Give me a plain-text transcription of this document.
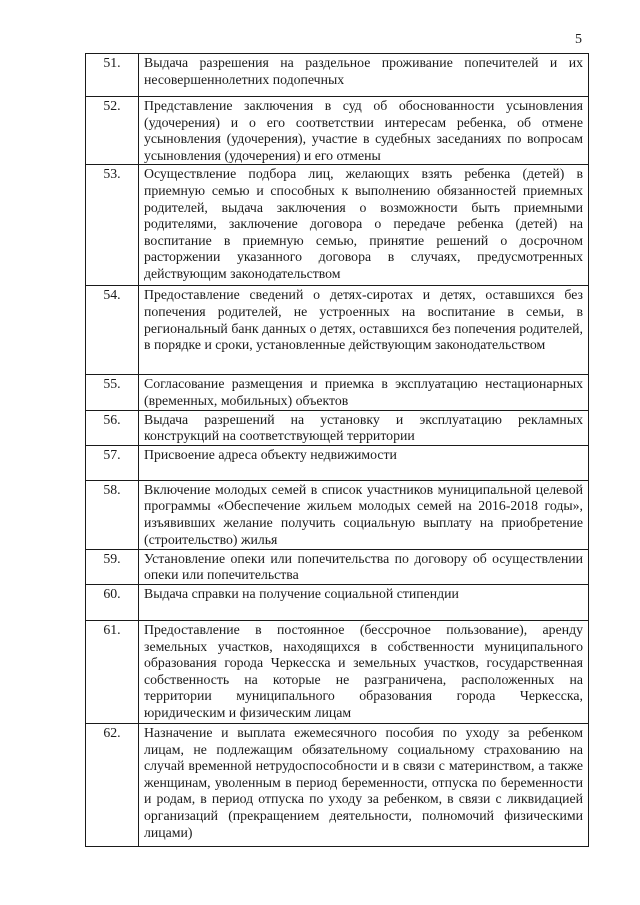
5
51.	Выдача разрешения на раздельное проживание попечителей и их несовершеннолетних подопечных
52.	Представление заключения в суд об обоснованности усыновления (удочерения) и о его соответствии интересам ребенка, об отмене усыновления (удочерения), участие в судебных заседаниях по вопросам усыновления (удочерения) и его отмены
53.	Осуществление подбора лиц, желающих взять ребенка (детей) в приемную семью и способных к выполнению обязанностей приемных родителей, выдача заключения о возможности быть приемными родителями, заключение договора о передаче ребенка (детей) на воспитание в приемную семью, принятие решений о досрочном расторжении указанного договора в случаях, предусмотренных действующим законодательством
54.	Предоставление сведений о детях-сиротах и детях, оставшихся без попечения родителей, не устроенных на воспитание в семьи, в региональный банк данных о детях, оставшихся без попечения родителей, в порядке и сроки, установленные действующим законодательством
55.	Согласование размещения и приемка в эксплуатацию нестационарных (временных, мобильных) объектов
56.	Выдача разрешений на установку и эксплуатацию рекламных конструкций на соответствующей территории
57.	Присвоение адреса объекту недвижимости
58.	Включение молодых семей в список участников муниципальной целевой программы «Обеспечение жильем молодых семей на 2016-2018 годы», изъявивших желание получить социальную выплату на приобретение (строительство) жилья
59.	Установление опеки или попечительства по договору об осуществлении опеки или попечительства
60.	Выдача справки на получение социальной стипендии
61.	Предоставление в постоянное (бессрочное пользование), аренду земельных участков, находящихся в собственности муниципального образования города Черкесска и земельных участков, государственная собственность на которые не разграничена, расположенных на территории муниципального образования города Черкесска, юридическим и физическим лицам
62.	Назначение и выплата ежемесячного пособия по уходу за ребенком лицам, не подлежащим обязательному социальному страхованию на случай временной нетрудоспособности и в связи с материнством, а также женщинам, уволенным в период беременности, отпуска по беременности и родам, в период отпуска по уходу за ребенком, в связи с ликвидацией организаций (прекращением деятельности, полномочий физическими лицами)
